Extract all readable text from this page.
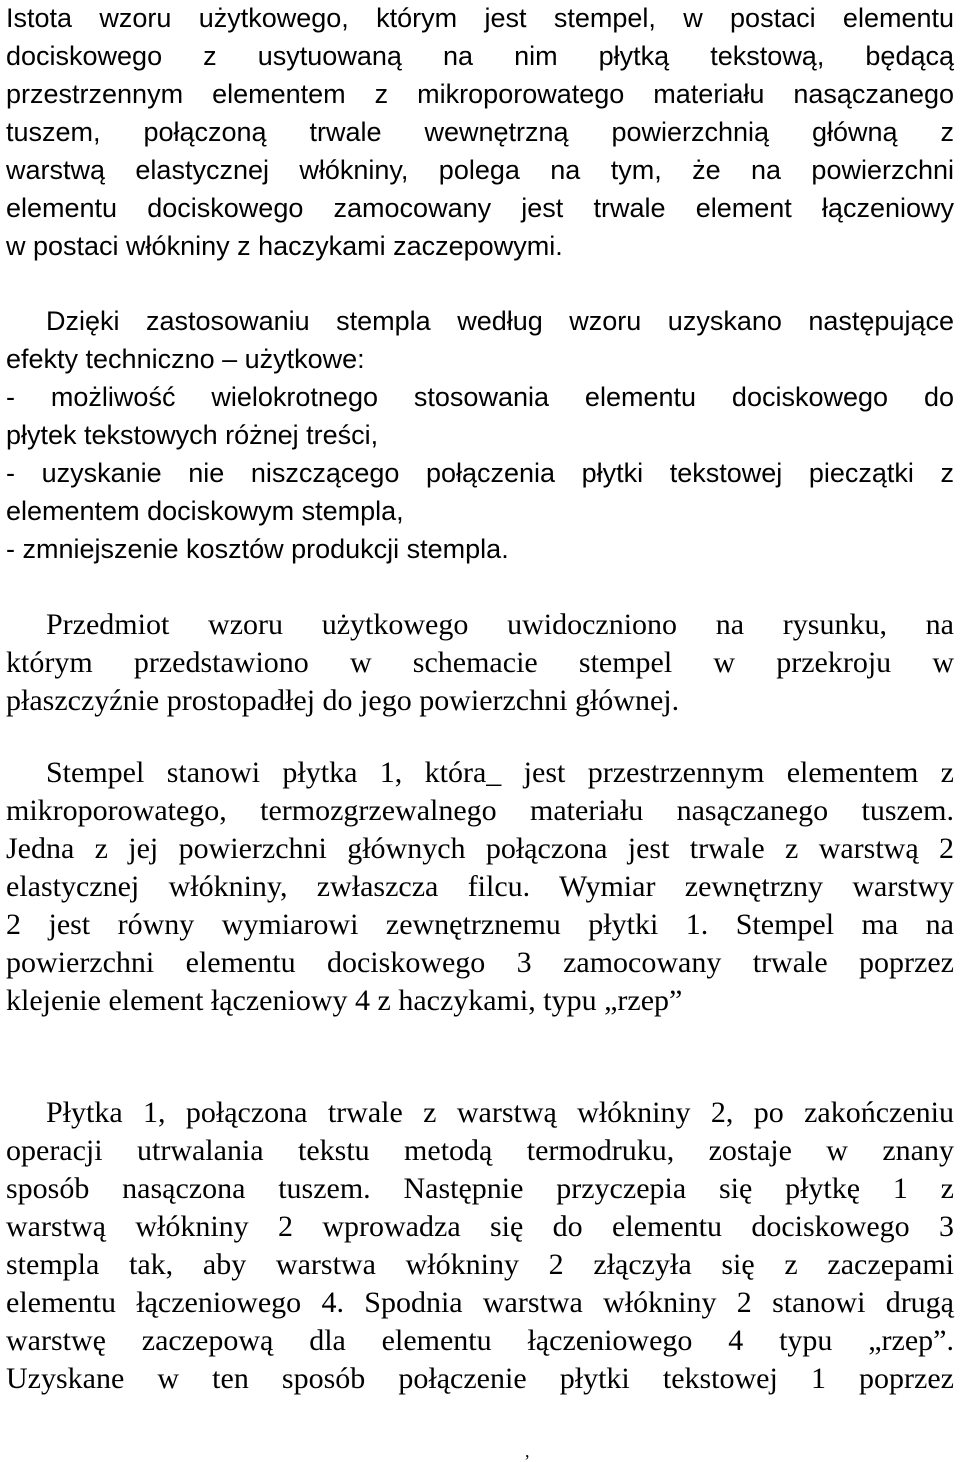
Istota wzoru użytkowego, którym jest stempel, w postaci elementu
dociskowego z usytuowaną na nim płytką tekstową, będącą
przestrzennym elementem z mikroporowatego materiału nasączanego
tuszem, połączoną trwale wewnętrzną powierzchnią główną z
warstwą elastycznej włókniny, polega na tym, że na powierzchni
elementu dociskowego zamocowany jest trwale element łączeniowy
w postaci włókniny z haczykami zaczepowymi.
Dzięki zastosowaniu stempla według wzoru uzyskano następujące
efekty techniczno – użytkowe:
- możliwość wielokrotnego stosowania elementu dociskowego do
płytek tekstowych różnej treści,
- uzyskanie nie niszczącego połączenia płytki tekstowej pieczątki z
elementem dociskowym stempla,
- zmniejszenie kosztów produkcji stempla.
Przedmiot wzoru użytkowego uwidoczniono na rysunku, na
którym przedstawiono w schemacie stempel w przekroju w
płaszczyźnie prostopadłej do jego powierzchni głównej.
Stempel stanowi płytka 1, która_ jest przestrzennym elementem z
mikroporowatego, termozgrzewalnego materiału nasączanego tuszem.
Jedna z jej powierzchni głównych połączona jest trwale z warstwą 2
elastycznej włókniny, zwłaszcza filcu. Wymiar zewnętrzny warstwy
2 jest równy wymiarowi zewnętrznemu płytki 1. Stempel ma na
powierzchni elementu dociskowego 3 zamocowany trwale poprzez
klejenie element łączeniowy 4 z haczykami, typu „rzep”
Płytka 1, połączona trwale z warstwą włókniny 2, po zakończeniu
operacji utrwalania tekstu metodą termodruku, zostaje w znany
sposób nasączona tuszem. Następnie przyczepia się płytkę 1 z
warstwą włókniny 2 wprowadza się do elementu dociskowego 3
stempla tak, aby warstwa włókniny 2 złączyła się z zaczepami
elementu łączeniowego 4. Spodnia warstwa włókniny 2 stanowi drugą
warstwę zaczepową dla elementu łączeniowego 4 typu „rzep”.
Uzyskane w ten sposób połączenie płytki tekstowej 1 poprzez
,
